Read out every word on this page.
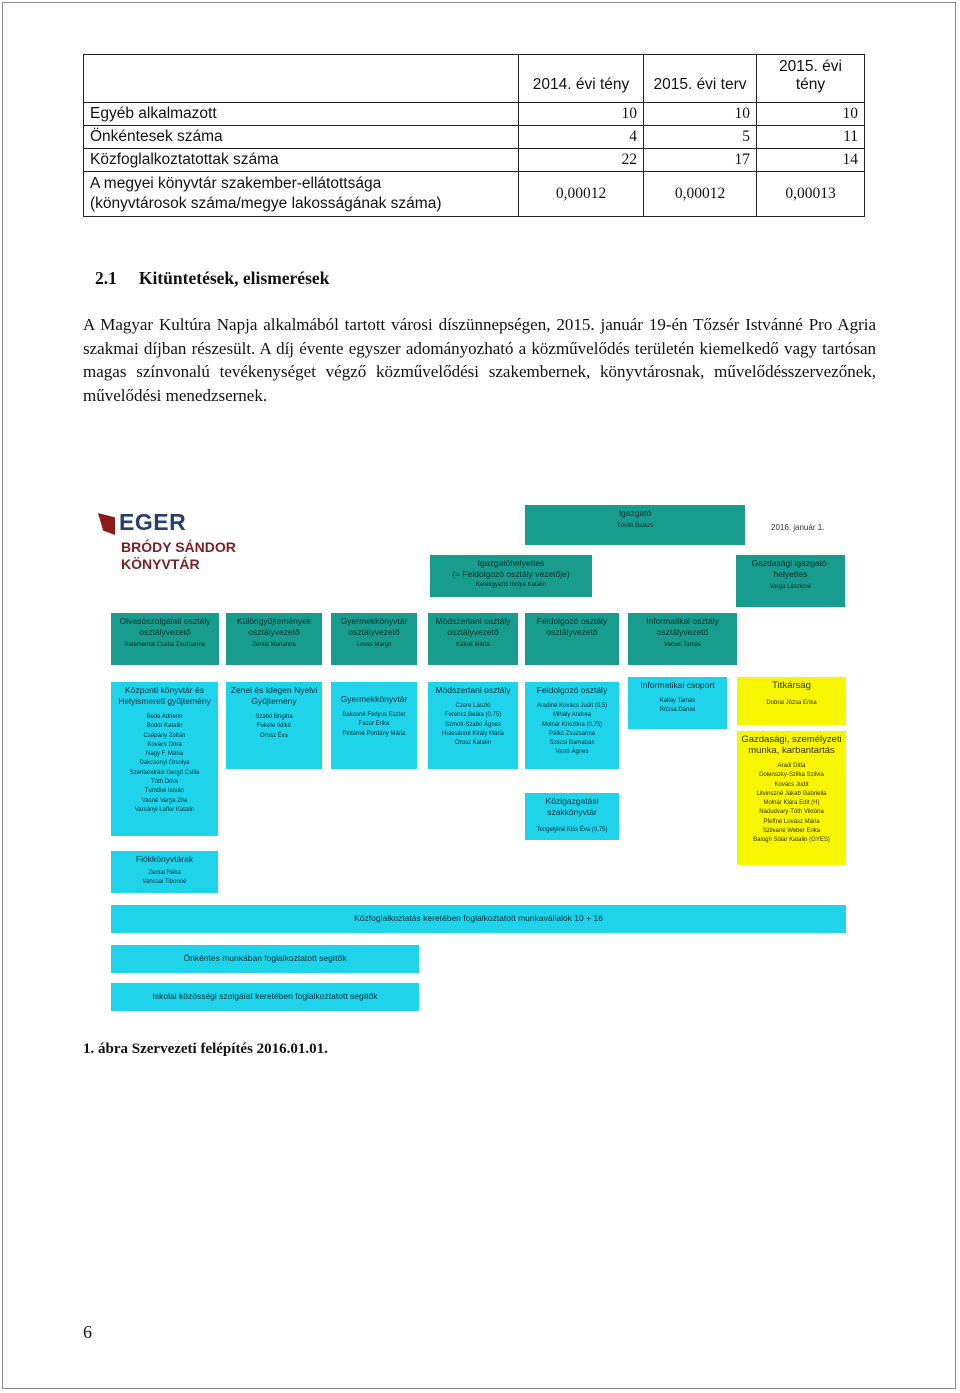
	2014. évi tény	2015. évi terv	2015. évi tény
Egyéb alkalmazott	10	10	10
Önkéntesek száma	4	5	11
Közfoglalkoztatottak száma	22	17	14

A megyei könyvtár szakember-ellátottsága
(könyvtárosok száma/megye lakosságának száma)	0,00012	0,00012	0,00013
2.1 Kitüntetések, elismerések
A Magyar Kultúra Napja alkalmából tartott városi díszünnepségen, 2015. január 19-én Tőzsér Istvánné Pro Agria szakmai díjban részesült. A díj évente egyszer adományozható a közművelődés területén kiemelkedő vagy tartósan magas színvonalú tevékenységet végző közművelődési szakembernek, könyvtárosnak, művelődésszervezőnek, művelődési menedzsernek.
EGER
BRÓDY SÁNDOR
KÖNYVTÁR
2016. január 1.
Igazgató
Tóvári Balázs
Igazgatóhelyettes
(= Feldolgozó osztály vezetője)
Kerékgyártó Ibolya Katalin
Gazdasági igazgató-helyettes
Varga Lászlóné
Olvasószolgálati osztály osztályvezető
Kelemenné Csaba Zsuzsanna
Különgyűjtemények osztályvezető
Zentai Marianna
Gyermekkönyvtár osztályvezető
Lovas Margit
Módszertani osztály osztályvezető
Kakuk Márta
Feldolgozó osztály osztályvezető
Informatikai osztály osztályvezető
Vecsei Tamás
Központi könyvtár és Helyismereti gyűjtemény
Bede Adrienn
Bodor Katalin
Csépány Zoltán
Kovács Dóra
Nagy F. Mária
Dakcsonyi Orsolya
Szentandrási Gergő Csilla
Tóth Dóra
Tuműtei István
Vasné Varga Zita
Varsányi Lafler Katalin
Zenei és Idegen Nyelvi Gyűjtemény
Szabó Brigitta
Fekete Ildikó
Orosz Éva
Gyermekkönyvtár
Bakosné Fedyus Eszter
Fazor Erika
Pintérné Pordány Mária
Módszertani osztály
Czere László
Ferencz Beáta (0,75)
Szmolt-Szabó Ágnes
Hulesánné Király Mária
Orosz Katalin
Feldolgozó osztály
Aradiné Kovács Judit (0,5)
Mihály Andrea
Molnár Krisztina (0,75)
Pálkó Zsuzsanna
Szécsi Barnabás
Varró Ágnes
Informatikai csoport
Kallay Tamás
Rózsa Dániel
Közigazgatási szakkönyvtár
Tengelyiné Kiss Éva (0,75)
Fiókkönyvtárak
Zentai Réka
Vancsai Tibonné
Titkárság
Dobrai Józsa Erika
Gazdasági, személyzeti munka, karbantartás
Aradi Ditta
Dolenszky-Szilka Szilvia
Kovács Judit
Litvinszné Jakab Gabriella
Molnár Klára Edit (H)
Nádudvary-Tóth Viktória
Pfeffné Lovász Mária
Szilvané Weber Erika
Balogh Sólár Katalin (GYES)
Közfoglalkoztatás keretében foglalkoztatott munkavállalók 10 + 16
Önkéntes munkában foglalkoztatott segítők
Iskolai közösségi szolgálat keretében foglalkoztatott segítők
1. ábra Szervezeti felépítés 2016.01.01.
6
